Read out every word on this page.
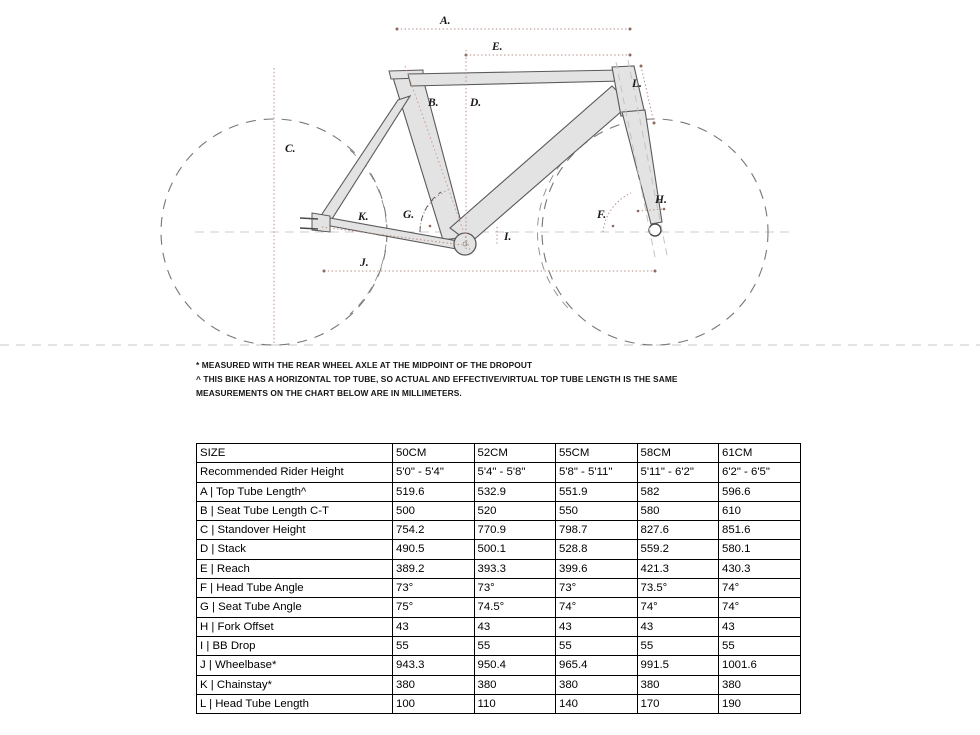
A.
E.
D.
B.
C.
L.
G.	F.
H.
I.
J.
K.
* MEASURED WITH THE REAR WHEEL AXLE AT THE MIDPOINT OF THE DROPOUT
^ THIS BIKE HAS A HORIZONTAL TOP TUBE, SO ACTUAL AND EFFECTIVE/VIRTUAL TOP TUBE LENGTH IS THE SAME
MEASUREMENTS ON THE CHART BELOW ARE IN MILLIMETERS.
SIZE	50CM	52CM	55CM	58CM	61CM
Recommended Rider Height	5'0" - 5'4"	5'4" - 5'8"	5'8" - 5'11"	5'11" - 6'2"	6'2" - 6'5"
A | Top Tube Length^	519.6	532.9	551.9	582	596.6
B | Seat Tube Length C-T	500	520	550	580	610
C | Standover Height	754.2	770.9	798.7	827.6	851.6
D | Stack	490.5	500.1	528.8	559.2	580.1
E | Reach	389.2	393.3	399.6	421.3	430.3
F | Head Tube Angle	73°	73°	73°	73.5°	74°
G | Seat Tube Angle	75°	74.5°	74°	74°	74°
H | Fork Offset	43	43	43	43	43
I | BB Drop	55	55	55	55	55
J | Wheelbase*	943.3	950.4	965.4	991.5	1001.6
K | Chainstay*	380	380	380	380	380
L | Head Tube Length	100	110	140	170	190
